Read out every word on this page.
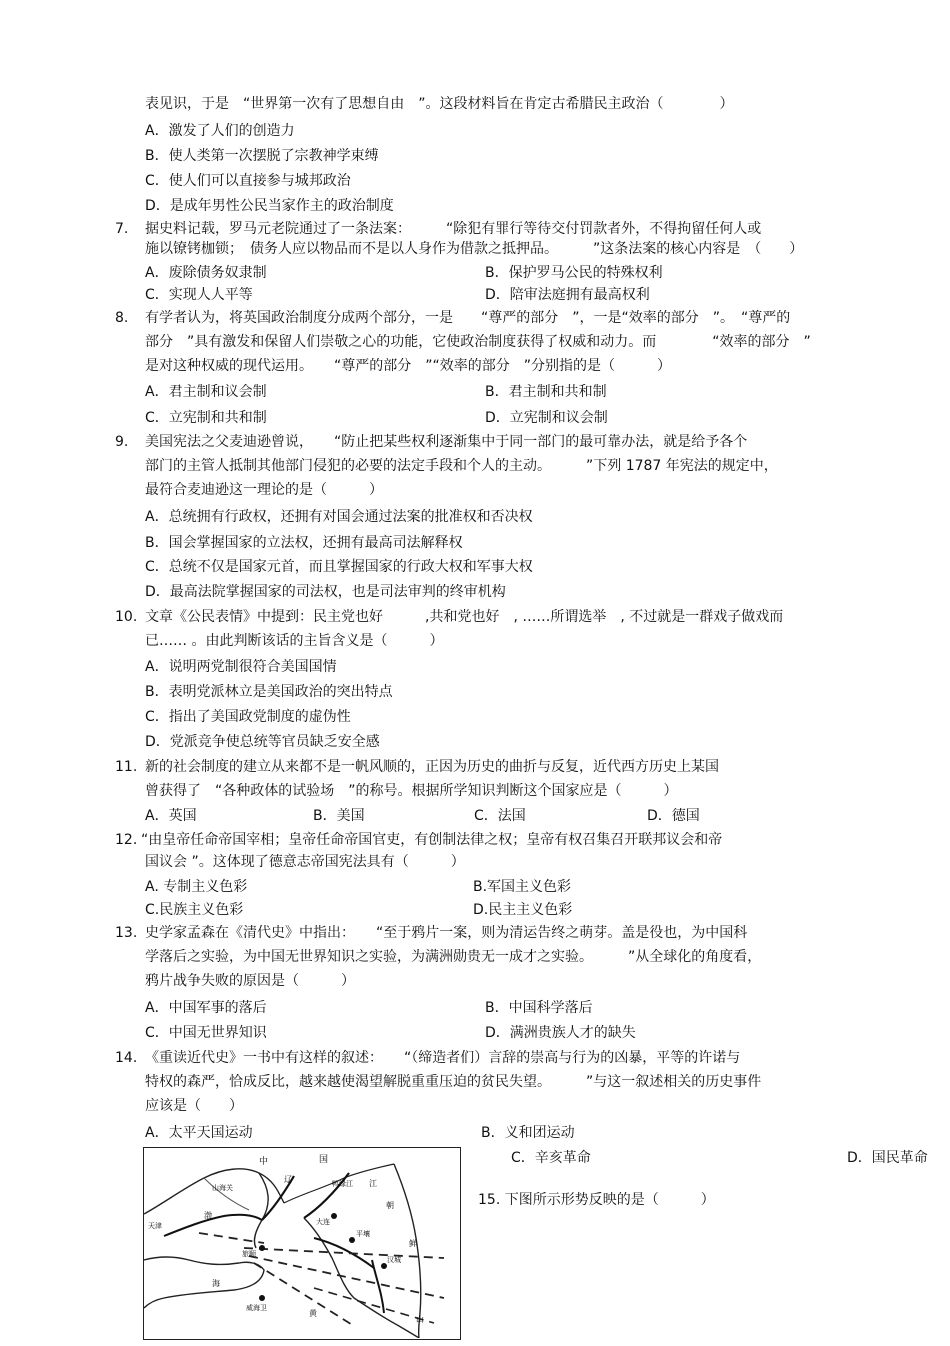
表见识，于是　“世界第一次有了思想自由　”。这段材料旨在肯定古希腊民主政治（　　　　）
A．激发了人们的创造力
B．使人类第一次摆脱了宗教神学束缚
C．使人们可以直接参与城邦政治
D．是成年男性公民当家作主的政治制度
7. 据史料记载，罗马元老院通过了一条法案：　　　“除犯有罪行等待交付罚款者外，不得拘留任何人或
施以镣铐枷锁；　债务人应以物品而不是以人身作为借款之抵押品。　　　”这条法案的核心内容是　（　　）
A．废除债务奴隶制	B．保护罗马公民的特殊权利
C．实现人人平等	D．陪审法庭拥有最高权利
8. 有学者认为，将英国政治制度分成两个部分，一是　　“尊严的部分　”，一是“效率的部分　”。　“尊严的
部分　”具有激发和保留人们崇敬之心的功能，它使政治制度获得了权威和动力。而　　　　“效率的部分　”
是对这种权威的现代运用。　　“尊严的部分　”“效率的部分　”分别指的是（　　　）
A．君主制和议会制	B．君主制和共和制
C．立宪制和共和制	D．立宪制和议会制
9. 美国宪法之父麦迪逊曾说，　　“防止把某些权利逐渐集中于同一部门的最可靠办法，就是给予各个
部门的主管人抵制其他部门侵犯的必要的法定手段和个人的主动。　　　”下列 1787 年宪法的规定中，
最符合麦迪逊这一理论的是（　　　）
A．总统拥有行政权，还拥有对国会通过法案的批准权和否决权
B．国会掌握国家的立法权，还拥有最高司法解释权
C．总统不仅是国家元首，而且掌握国家的行政大权和军事大权
D．最高法院掌握国家的司法权，也是司法审判的终审机构
10. 文章《公民表情》中提到：民主党也好　　　,共和党也好　, ……所谓选举　, 不过就是一群戏子做戏而
已…… 。由此判断该话的主旨含义是（　　　）
A．说明两党制很符合美国国情
B．表明党派林立是美国政治的突出特点
C．指出了美国政党制度的虚伪性
D．党派竞争使总统等官员缺乏安全感
11. 新的社会制度的建立从来都不是一帆风顺的，正因为历史的曲折与反复，近代西方历史上某国
曾获得了　“各种政体的试验场　”的称号。根据所学知识判断这个国家应是（　　　）
A．英国	B．美国	C．法国	D．德国
12. “由皇帝任命帝国宰相；皇帝任命帝国官吏，有创制法律之权；皇帝有权召集召开联邦议会和帝
国议会 ”。这体现了德意志帝国宪法具有（　　　）
A. 专制主义色彩	B.军国主义色彩
C.民族主义色彩	D.民主主义色彩
13. 史学家孟森在《清代史》中指出：　　“至于鸦片一案，则为清运告终之萌芽。盖是役也，为中国科
学落后之实验，为中国无世界知识之实验，为满洲勋贵无一成才之实验。　　　”从全球化的角度看，
鸦片战争失败的原因是（　　　）
A．中国军事的落后	B．中国科学落后
C．中国无世界知识	D．满洲贵族人才的缺失
14. 《重读近代史》一书中有这样的叙述：　　“（缔造者们）言辞的崇高与行为的凶暴，平等的许诺与
特权的森严，恰成反比，越来越使渴望解脱重重压迫的贫民失望。　　　”与这一叙述相关的历史事件
应该是（　　）
A．太平天国运动	B．义和团运动
C．辛亥革命	D．国民革命
15. 下图所示形势反映的是（　　　）
中	国
山海关
天津
渤
辽	鸭绿江
大连
旅顺
江
朝
鲜
平壤
汉城
海
黄
威海卫
山
